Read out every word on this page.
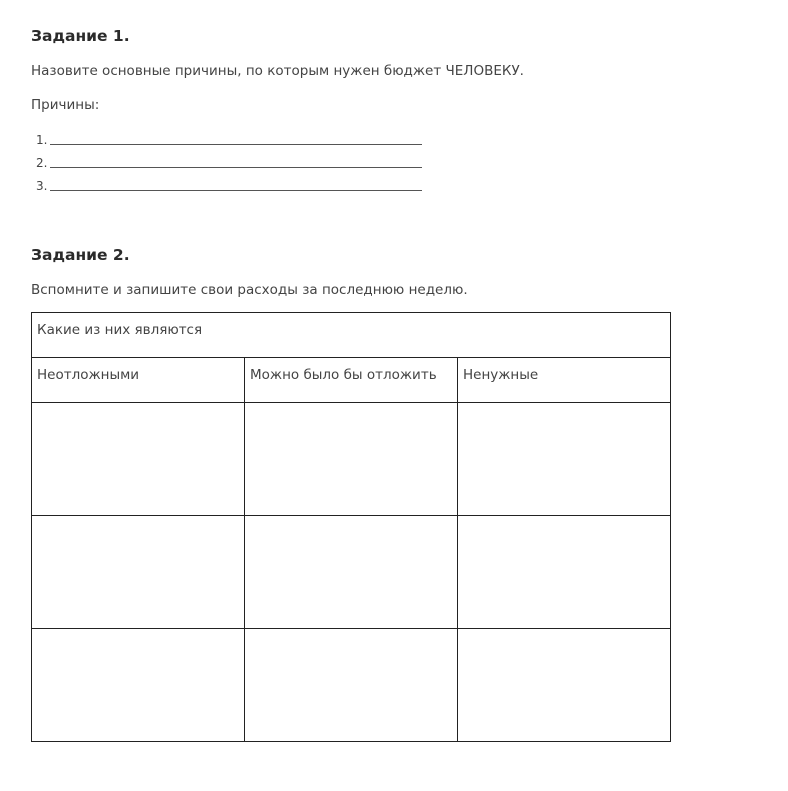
Задание 1.

Назовите основные причины, по которым нужен бюджет ЧЕЛОВЕКУ.

Причины:

1.
2.
3.
Задание 2.

Вспомните и запишите свои расходы за последнюю неделю.

Какие из них являются		

Неотложными	Можно было бы отложить	Ненужные
